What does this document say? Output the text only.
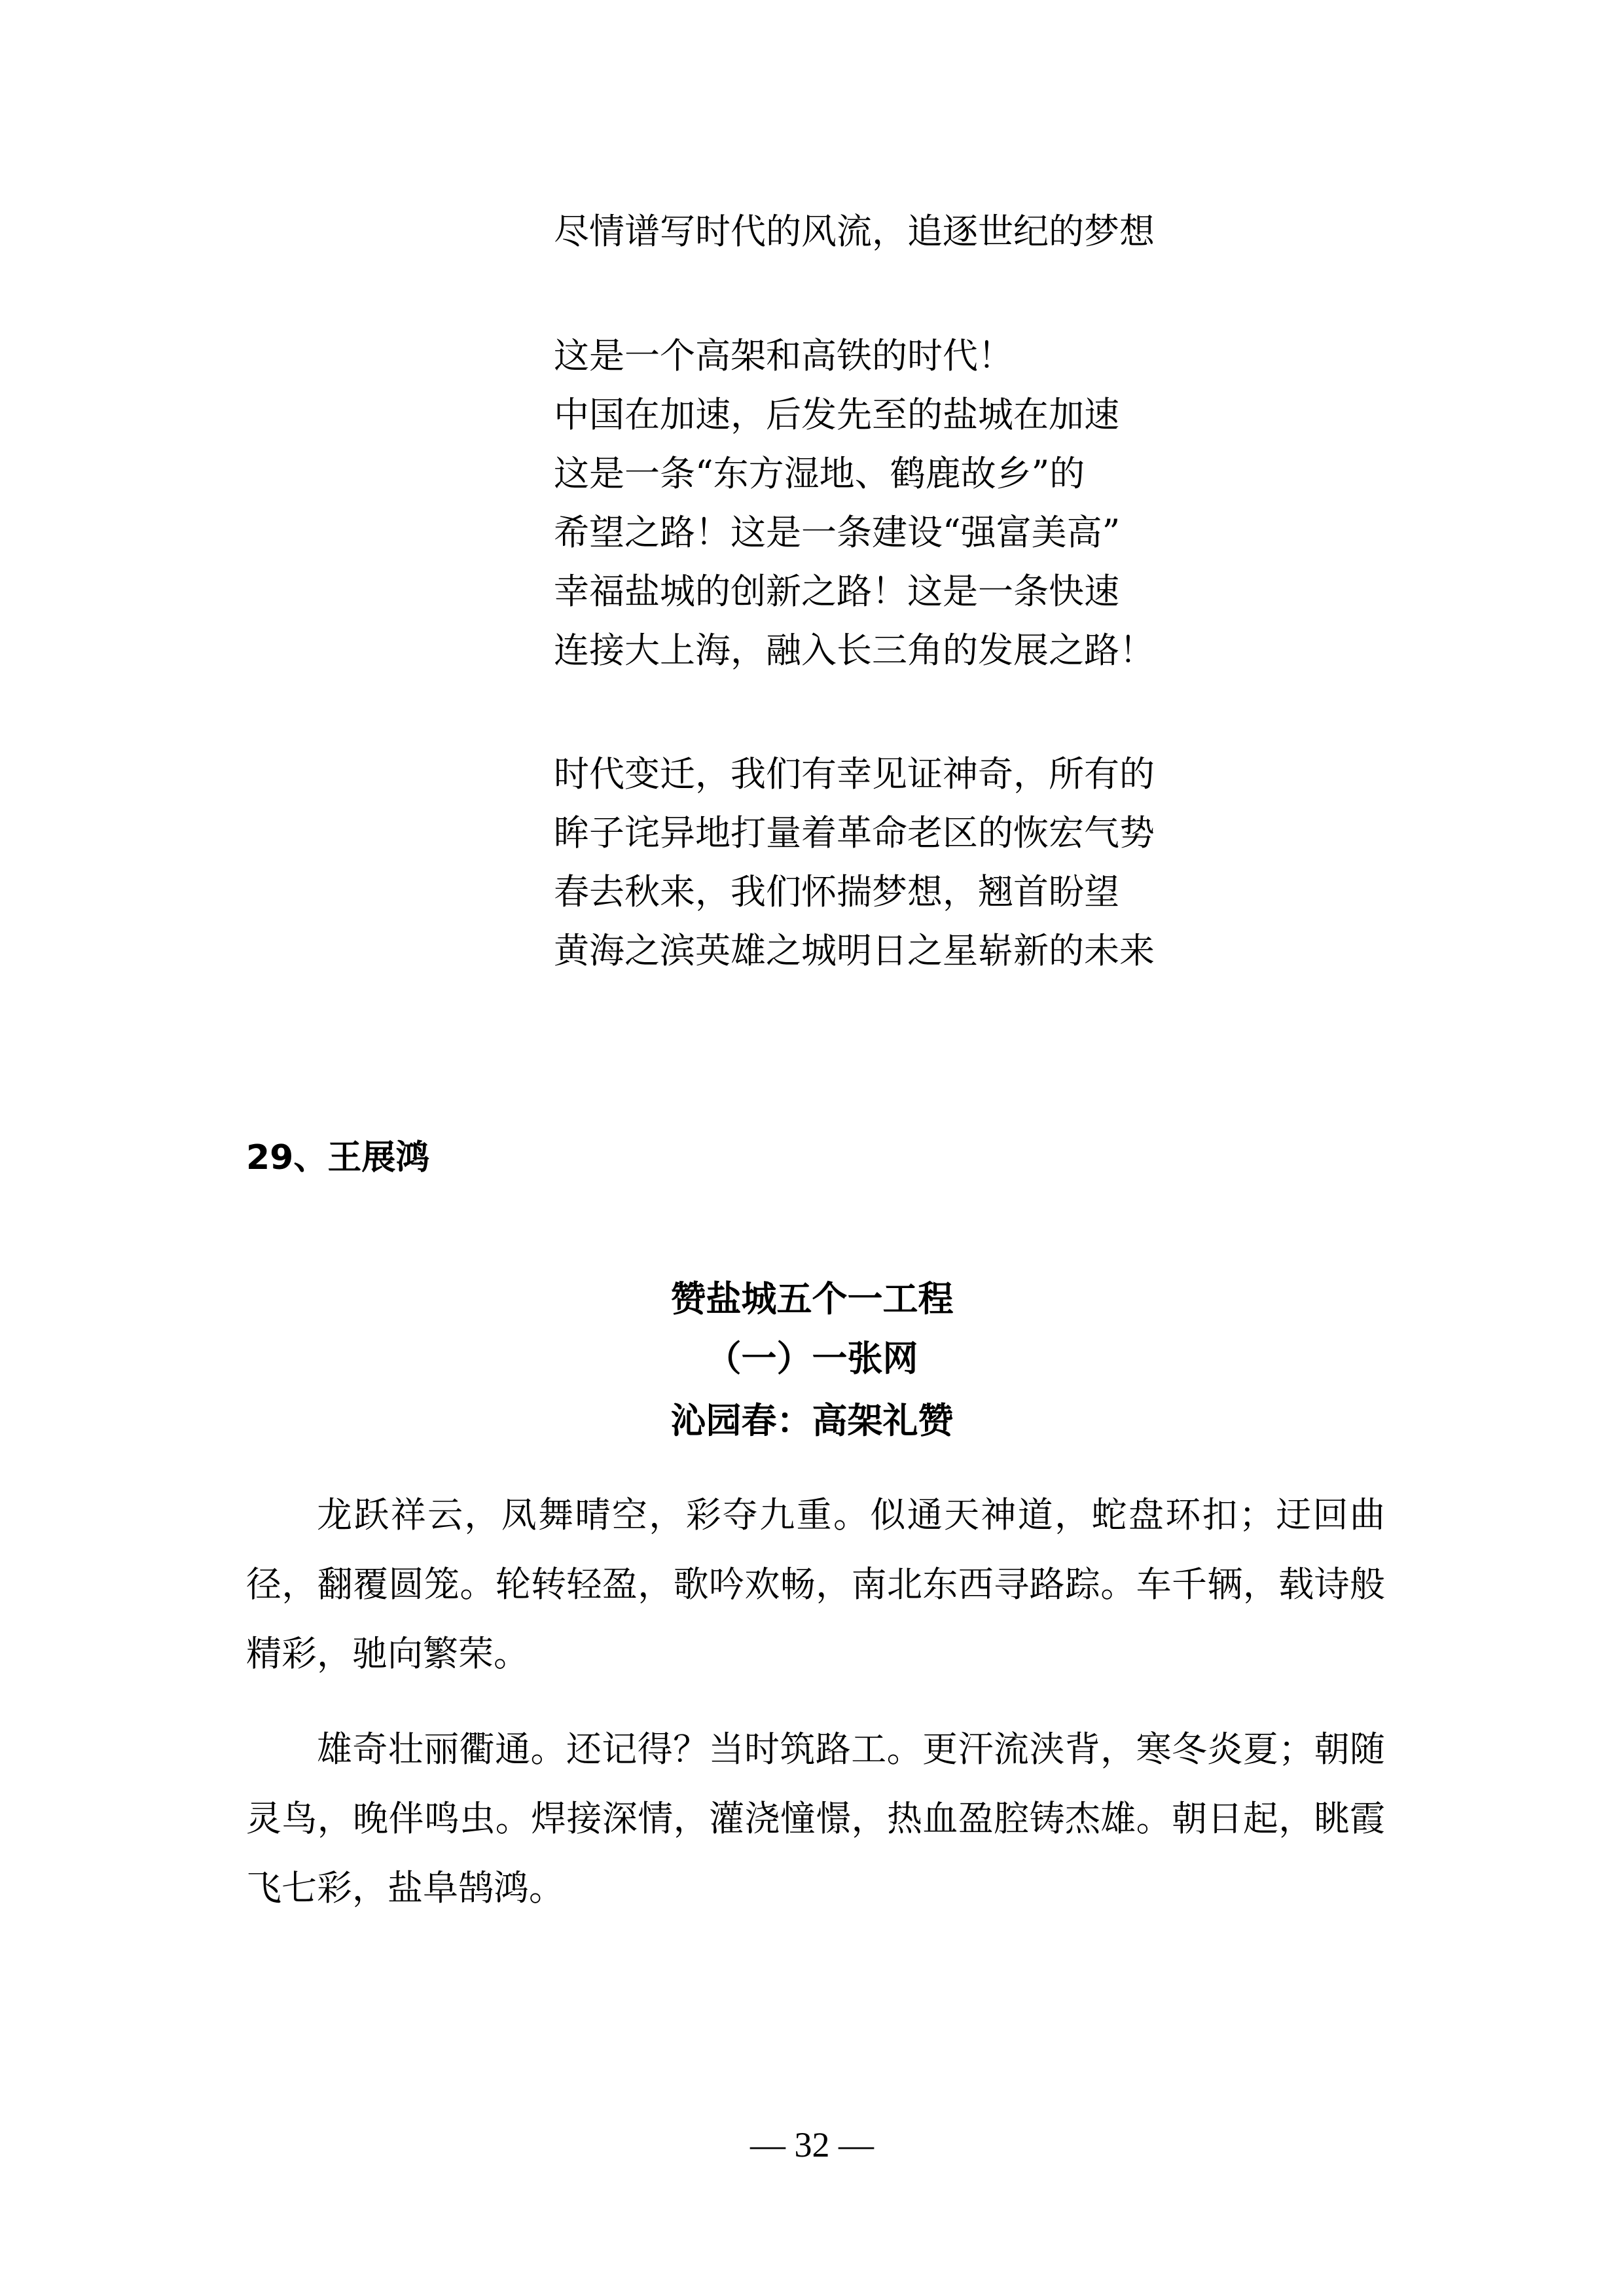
尽情谱写时代的风流，追逐世纪的梦想
这是一个高架和高铁的时代！
中国在加速，后发先至的盐城在加速
这是一条“东方湿地、鹤鹿故乡”的
希望之路！这是一条建设“强富美高”
幸福盐城的创新之路！这是一条快速
连接大上海，融入长三角的发展之路！
时代变迁，我们有幸见证神奇，所有的
眸子诧异地打量着革命老区的恢宏气势
春去秋来，我们怀揣梦想，翘首盼望
黄海之滨英雄之城明日之星崭新的未来
29、王展鸿
赞盐城五个一工程
（一）一张网
沁园春：高架礼赞

龙跃祥云，凤舞晴空，彩夺九重。似通天神道，蛇盘环扣；迂回曲径，翻覆圆笼。轮转轻盈，歌吟欢畅，南北东西寻路踪。车千辆，载诗般精彩，驰向繁荣。

雄奇壮丽衢通。还记得？当时筑路工。更汗流浃背，寒冬炎夏；朝随灵鸟，晚伴鸣虫。焊接深情，灌浇憧憬，热血盈腔铸杰雄。朝日起，眺霞飞七彩，盐阜鹄鸿。

— 32 —
